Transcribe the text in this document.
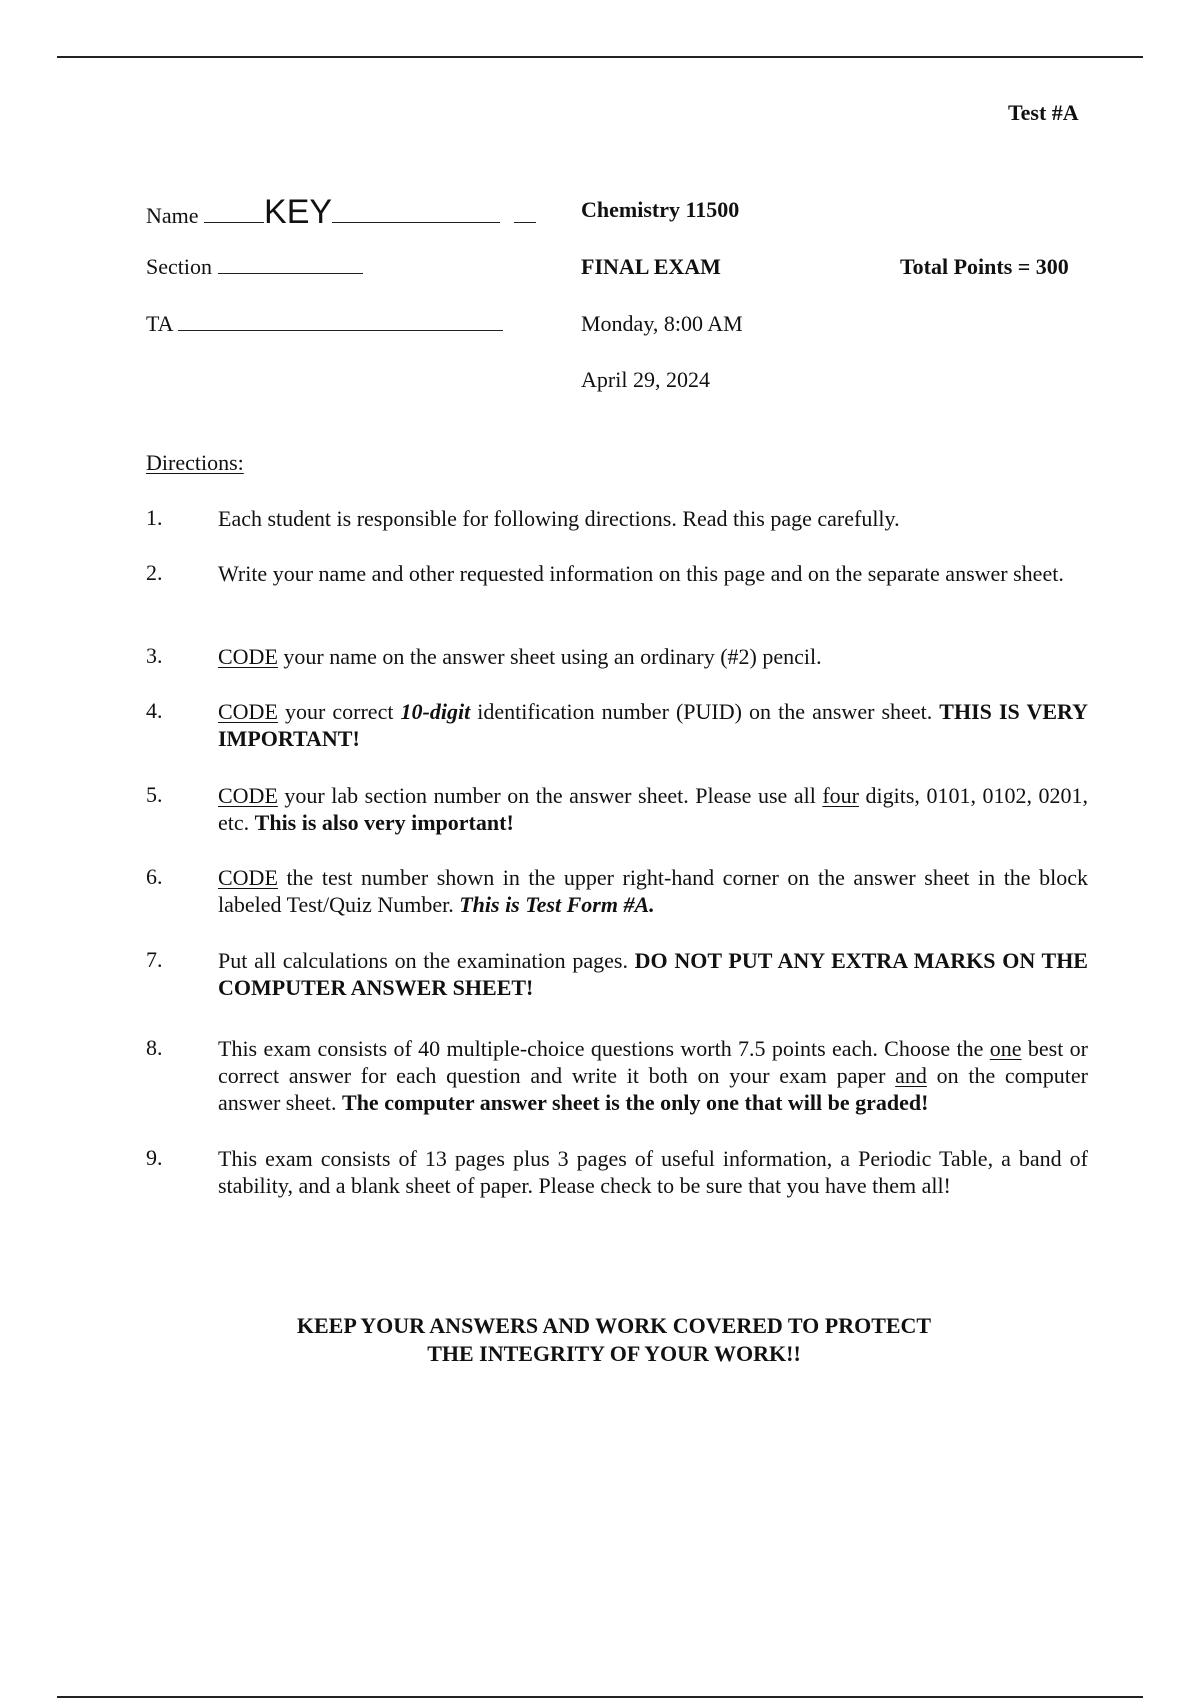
Test #A
Name KEY
Section
TA
Chemistry 11500
FINAL EXAM	Total Points = 300
Monday, 8:00 AM
April 29, 2024
Directions:
1.	Each student is responsible for following directions. Read this page carefully.
2.	Write your name and other requested information on this page and on the separate answer sheet.
3.	CODE your name on the answer sheet using an ordinary (#2) pencil.
4.	CODE your correct 10-digit identification number (PUID) on the answer sheet. THIS IS VERY IMPORTANT!
5.	CODE your lab section number on the answer sheet. Please use all four digits, 0101, 0102, 0201, etc. This is also very important!
6.	CODE the test number shown in the upper right-hand corner on the answer sheet in the block labeled Test/Quiz Number. This is Test Form #A.
7.	Put all calculations on the examination pages. DO NOT PUT ANY EXTRA MARKS ON THE COMPUTER ANSWER SHEET!
8.	This exam consists of 40 multiple-choice questions worth 7.5 points each. Choose the one best or correct answer for each question and write it both on your exam paper and on the computer answer sheet. The computer answer sheet is the only one that will be graded!
9.	This exam consists of 13 pages plus 3 pages of useful information, a Periodic Table, a band of stability, and a blank sheet of paper. Please check to be sure that you have them all!
KEEP YOUR ANSWERS AND WORK COVERED TO PROTECT
THE INTEGRITY OF YOUR WORK!!
